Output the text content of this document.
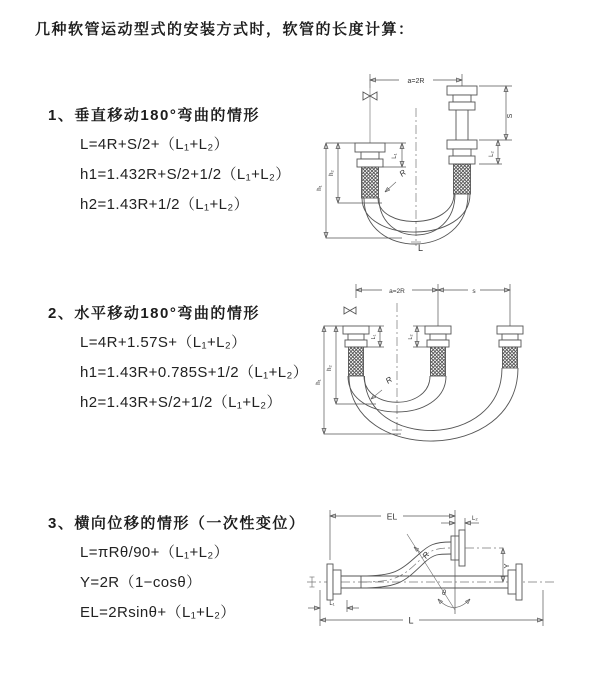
几种软管运动型式的安装方式时，软管的长度计算：
1、垂直移动180°弯曲的情形
L=4R+S/2+（L₁+L₂）
h1=1.432R+S/2+1/2（L₁+L₂）
h2=1.43R+1/2（L₁+L₂）
a=2R
S
L₂
L₁
h₁
h₂	R
L
2、水平移动180°弯曲的情形
L=4R+1.57S+（L₁+L₂）
h1=1.43R+0.785S+1/2（L₁+L₂）
h2=1.43R+S/2+1/2（L₁+L₂）
a=2R	s
L₁	L₂
h₁
h₂
R
3、横向位移的情形（一次性变位）
L=πRθ/90+（L₁+L₂）
Y=2R（1−cosθ）
EL=2Rsinθ+（L₁+L₂）
EL	L₂
Y
θ
R
L₁
L
